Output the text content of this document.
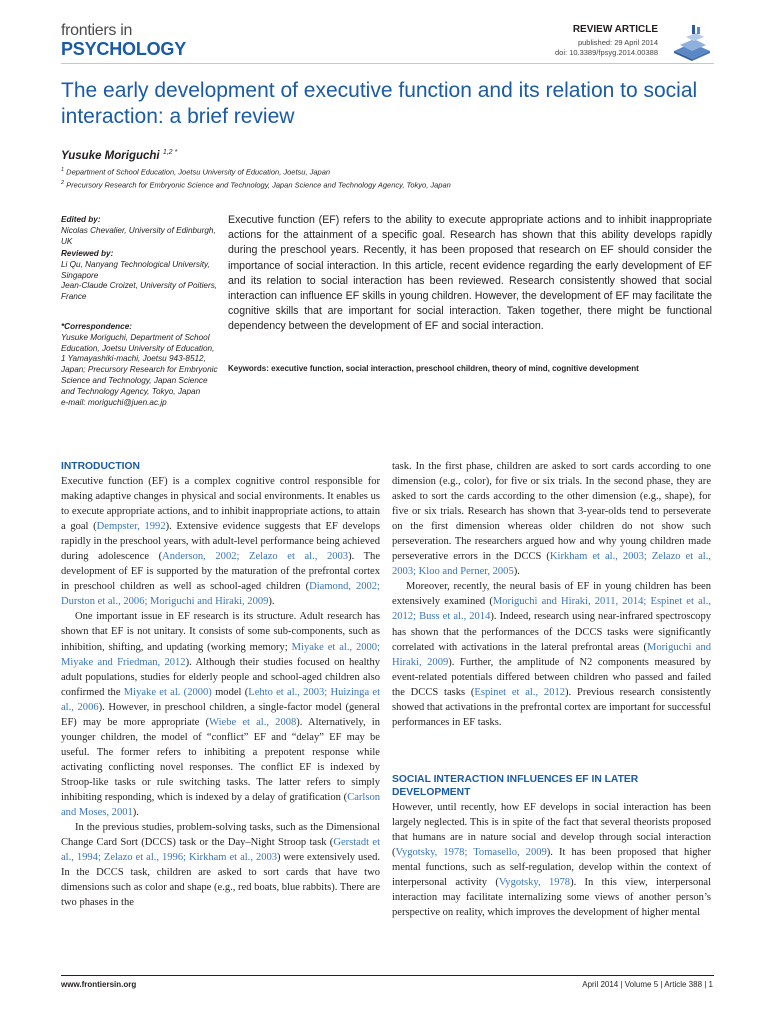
frontiers in
PSYCHOLOGY
REVIEW ARTICLE
published: 29 April 2014
doi: 10.3389/fpsyg.2014.00388
The early development of executive function and its relation to social interaction: a brief review
Yusuke Moriguchi $^{1,2 *}$
$^1$ Department of School Education, Joetsu University of Education, Joetsu, Japan
$^2$ Precursory Research for Embryonic Science and Technology, Japan Science and Technology Agency, Tokyo, Japan
Edited by:
Nicolas Chevalier, University of Edinburgh, UK
Reviewed by:
Li Qu, Nanyang Technological University, Singapore
Jean-Claude Croizet, University of Poitiers, France
*Correspondence:
Yusuke Moriguchi, Department of School Education, Joetsu University of Education, 1 Yamayashiki-machi, Joetsu 943-8512, Japan; Precursory Research for Embryonic Science and Technology, Japan Science and Technology Agency, Tokyo, Japan
e-mail: moriguchi@juen.ac.jp
Executive function (EF) refers to the ability to execute appropriate actions and to inhibit inappropriate actions for the attainment of a specific goal. Research has shown that this ability develops rapidly during the preschool years. Recently, it has been proposed that research on EF should consider the importance of social interaction. In this article, recent evidence regarding the early development of EF and its relation to social interaction has been reviewed. Research consistently showed that social interaction can influence EF skills in young children. However, the development of EF may facilitate the cognitive skills that are important for social interaction. Taken together, there might be functional dependency between the development of EF and social interaction.
Keywords: executive function, social interaction, preschool children, theory of mind, cognitive development
INTRODUCTION

Executive function (EF) is a complex cognitive control responsible for making adaptive changes in physical and social environments. It enables us to execute appropriate actions, and to inhibit inappropriate actions, to attain a goal (Dempster, 1992). Extensive evidence suggests that EF develops rapidly in the preschool years, with adult-level performance being achieved during adolescence (Anderson, 2002; Zelazo et al., 2003). The development of EF is supported by the maturation of the prefrontal cortex in preschool children as well as school-aged children (Diamond, 2002; Durston et al., 2006; Moriguchi and Hiraki, 2009).

One important issue in EF research is its structure. Adult research has shown that EF is not unitary. It consists of some sub-components, such as inhibition, shifting, and updating (working memory; Miyake et al., 2000; Miyake and Friedman, 2012). Although their studies focused on healthy adult populations, studies for elderly people and school-aged children also confirmed the Miyake et al. (2000) model (Lehto et al., 2003; Huizinga et al., 2006). However, in preschool children, a single-factor model (general EF) may be more appropriate (Wiebe et al., 2008). Alternatively, in younger children, the model of “conflict” EF and “delay” EF may be useful. The former refers to inhibiting a prepotent response while activating conflicting novel responses. The conflict EF is indexed by Stroop-like tasks or rule switching tasks. The latter refers to simply inhibiting responding, which is indexed by a delay of gratification (Carlson and Moses, 2001).

In the previous studies, problem-solving tasks, such as the Dimensional Change Card Sort (DCCS) task or the Day–Night Stroop task (Gerstadt et al., 1994; Zelazo et al., 1996; Kirkham et al., 2003) were extensively used. In the DCCS task, children are asked to sort cards that have two dimensions such as color and shape (e.g., red boats, blue rabbits). There are two phases in the

task. In the first phase, children are asked to sort cards according to one dimension (e.g., color), for five or six trials. In the second phase, they are asked to sort the cards according to the other dimension (e.g., shape), for five or six trials. Research has shown that 3-year-olds tend to perseverate on the first dimension whereas older children do not show such perseveration. The researchers argued how and why young children made perseverative errors in the DCCS (Kirkham et al., 2003; Zelazo et al., 2003; Kloo and Perner, 2005).

Moreover, recently, the neural basis of EF in young children has been extensively examined (Moriguchi and Hiraki, 2011, 2014; Espinet et al., 2012; Buss et al., 2014). Indeed, research using near-infrared spectroscopy has shown that the performances of the DCCS tasks were significantly correlated with activations in the lateral prefrontal areas (Moriguchi and Hiraki, 2009). Further, the amplitude of N2 components measured by event-related potentials differed between children who passed and failed the DCCS tasks (Espinet et al., 2012). Previous research consistently showed that activations in the prefrontal cortex are important for successful performances in EF tasks.

SOCIAL INTERACTION INFLUENCES EF IN LATER DEVELOPMENT

However, until recently, how EF develops in social interaction has been largely neglected. This is in spite of the fact that several theorists proposed that humans are in nature social and develop through social interaction (Vygotsky, 1978; Tomasello, 2009). It has been proposed that higher mental functions, such as self-regulation, develop within the context of interpersonal activity (Vygotsky, 1978). In this view, interpersonal interaction may facilitate internalizing some views of another person’s perspective on reality, which improves the development of higher mental

www.frontiersin.org	April 2014 | Volume 5 | Article 388 | 1
